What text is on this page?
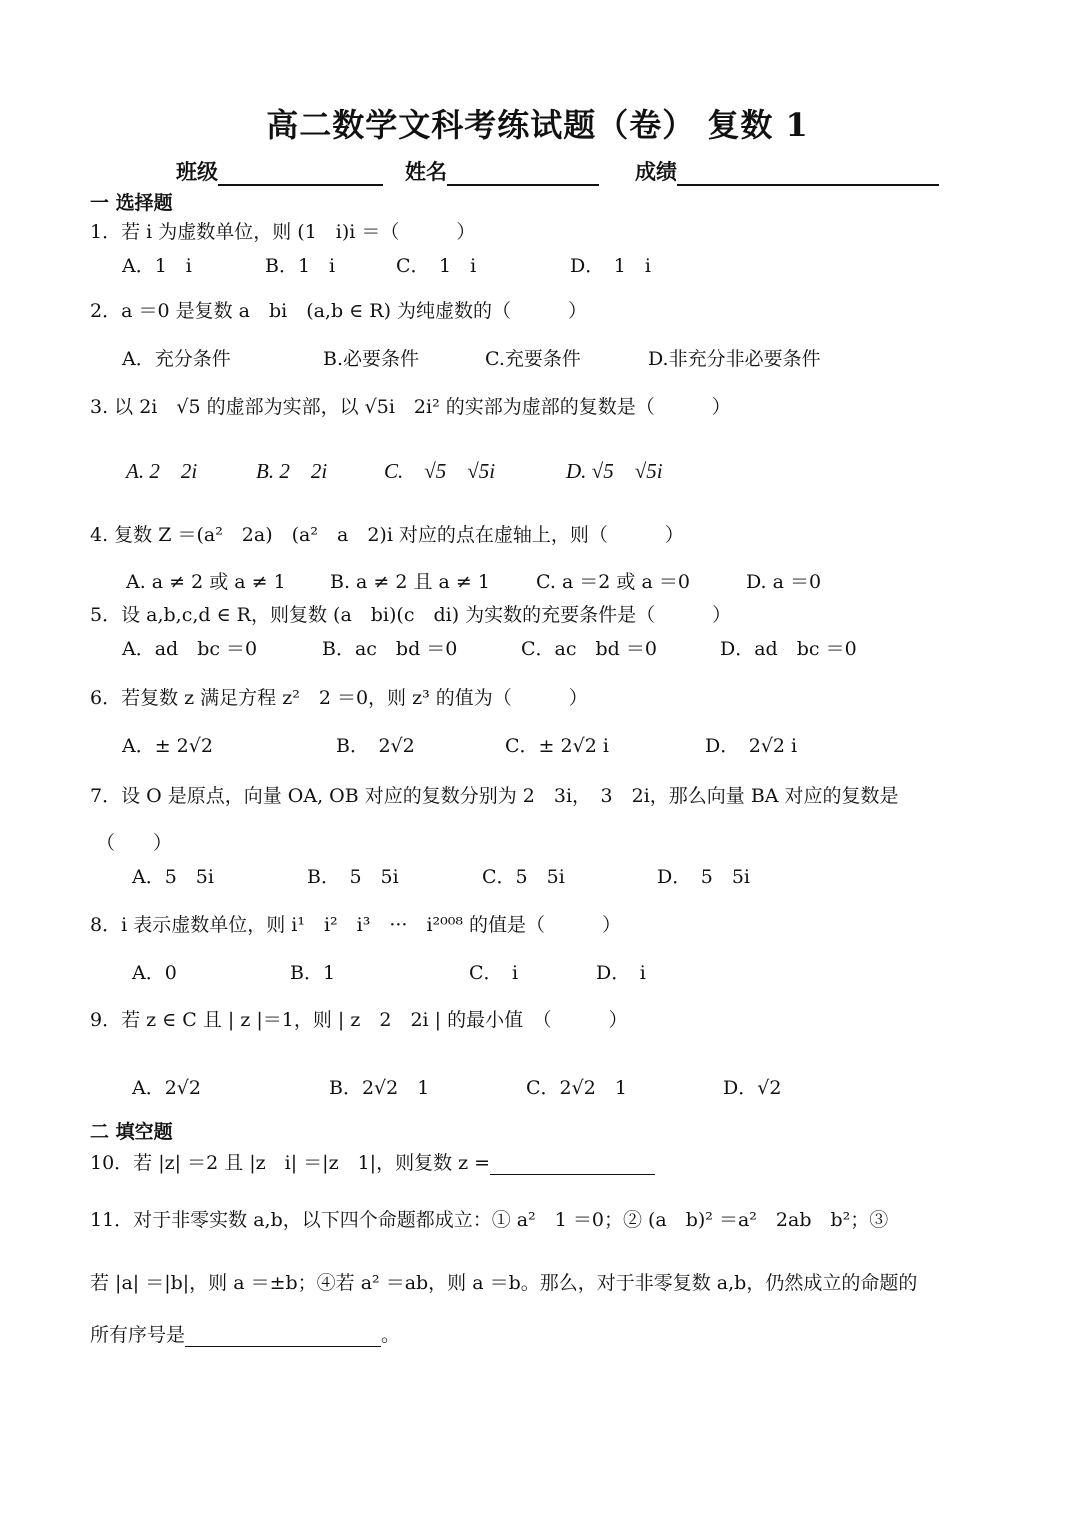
高二数学文科考练试题（卷） 复数 1
班级	姓名	成绩
一 选择题
1．若 i 为虚数单位，则 (1　i)i ＝（　　　）
A．1　i	B．1　i	C．　1　i	D．　1　i
2．a ＝0 是复数 a　bi　(a,b ∈ R) 为纯虚数的（　　　）
A．充分条件	B.必要条件	C.充要条件	D.非充分非必要条件
3. 以 2i　√5 的虚部为实部，以 √5i　2i² 的实部为虚部的复数是（　　　）
A. 2　2i	B. 2　2i	C.　√5　√5i	D. √5　√5i
4. 复数 Z ＝(a²　2a)　(a²　a　2)i 对应的点在虚轴上，则（　　　）
A. a ≠ 2 或 a ≠ 1 B. a ≠ 2 且 a ≠ 1 C. a ＝2 或 a ＝0	D. a ＝0
5．设 a,b,c,d ∈ R，则复数 (a　bi)(c　di) 为实数的充要条件是（　　　）
A．ad　bc ＝0	B．ac　bd ＝0	C．ac　bd ＝0	D．ad　bc ＝0
6．若复数 z 满足方程 z²　2 ＝0，则 z³ 的值为（　　　）
A．± 2√2	B．　2√2	C．± 2√2 i	D．　2√2 i
7．设 O 是原点，向量 OA, OB 对应的复数分别为 2　3i，　3　2i，那么向量 BA 对应的复数是
（　　）
A．5　5i	B．　5　5i	C．5　5i	D．　5　5i
8．i 表示虚数单位，则 i¹　i²　i³　···　i²⁰⁰⁸ 的值是（　　　）
A．0	B．1	C．　i	D．　i
9．若 z ∈ C 且 | z |＝1，则 | z　2　2i | 的最小值　（　　　）
A．2√2	B．2√2　1	C．2√2　1	D．√2
二 填空题
10．若 |z| ＝2 且 |z　i| ＝|z　1|，则复数 z =
11．对于非零实数 a,b，以下四个命题都成立：① a²　1 ＝0；② (a　b)² ＝a²　2ab　b²；③
若 |a| ＝|b|，则 a ＝±b；④若 a² ＝ab，则 a ＝b。那么，对于非零复数 a,b，仍然成立的命题的
所有序号是	。
